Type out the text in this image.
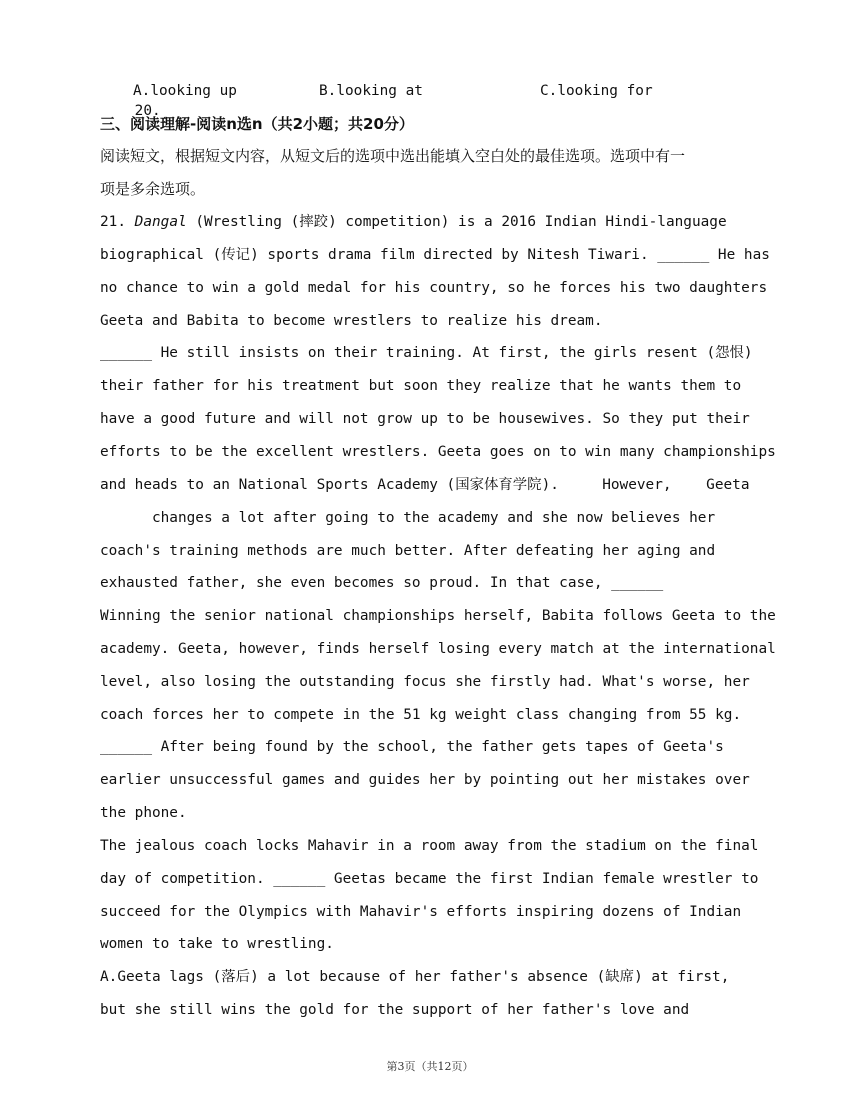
20.

A.looking up

	B.looking at

	C.looking for

三、阅读理解-阅读n选n（共2小题；共20分）
阅读短文，根据短文内容，从短文后的选项中选出能填入空白处的最佳选项。选项中有一
项是多余选项。
21. Dangal (Wrestling (摔跤) competition) is a 2016 Indian Hindi-language
biographical (传记) sports drama film directed by Nitesh Tiwari. ______ He has
no chance to win a gold medal for his country, so he forces his two daughters
Geeta and Babita to become wrestlers to realize his dream.
______ He still insists on their training. At first, the girls resent (怨恨)
their father for his treatment but soon they realize that he wants them to
have a good future and will not grow up to be housewives. So they put their
efforts to be the excellent wrestlers. Geeta goes on to win many championships
and heads to an National Sports Academy (国家体育学院).     However,    Geeta
changes a lot after going to the academy and she now believes her
coach's training methods are much better. After defeating her aging and
exhausted father, she even becomes so proud. In that case, ______
Winning the senior national championships herself, Babita follows Geeta to the
academy. Geeta, however, finds herself losing every match at the international
level, also losing the outstanding focus she firstly had. What's worse, her
coach forces her to compete in the 51 kg weight class changing from 55 kg.
______ After being found by the school, the father gets tapes of Geeta's
earlier unsuccessful games and guides her by pointing out her mistakes over
the phone.
The jealous coach locks Mahavir in a room away from the stadium on the final
day of competition. ______ Geetas became the first Indian female wrestler to
succeed for the Olympics with Mahavir's efforts inspiring dozens of Indian
women to take to wrestling.
A.Geeta lags (落后) a lot because of her father's absence (缺席) at first,
but she still wins the gold for the support of her father's love and
第3页（共12页）
